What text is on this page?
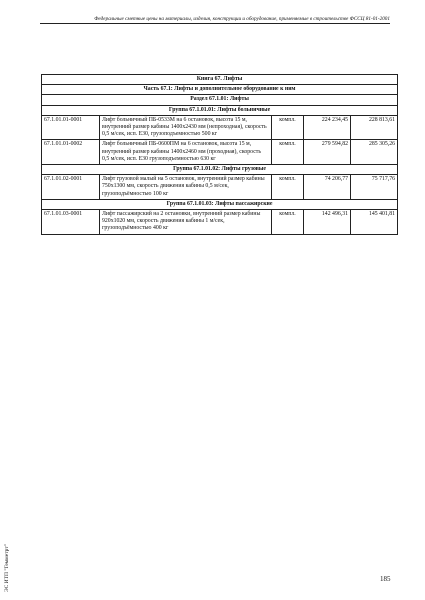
Федеральные сметные цены на материалы, изделия, конструкции и оборудование, применяемые в строительстве ФССЦ 81-01-2001
Книга 67. Лифты				
Часть 67.1: Лифты и дополнительное оборудование к ним				
Раздел 67.1.01: Лифты				
Группа 67.1.01.01: Лифты больничные				
67.1.01.01-0001	Лифт больничный ПБ-0533М на 6 остановок, высота 15 м, внутренний размер кабины 1400х2430 мм (непроходная), скорость 0,5 м/сек, исп. Е30, грузоподъемностью 500 кг	компл.	224 234,45	228 813,61
67.1.01.01-0002	Лифт больничный ПБ-0600ПМ на 6 остановок, высота 15 м, внутренний размер кабины 1400х2460 мм (проходная), скорость 0,5 м/сек, исп. Е30 грузоподъемностью 630 кг	компл.	279 594,82	285 305,26
Группа 67.1.01.02: Лифты грузовые				
67.1.01.02-0001	Лифт грузовой малый на 5 остановок, внутренний размер кабины 750х1300 мм, скорость движения кабины 0,5 м/сек, грузоподъёмностью 100 кг	компл.	74 206,77	75 717,76
Группа 67.1.01.03: Лифты пассажирские				
67.1.01.03-0001	Лифт пассажирский на 2 остановки, внутренний размер кабины 920х1020 мм, скорость движения кабины 1 м/сек, грузоподъёмностью 400 кг	компл.	142 496,31	145 401,81
ЭС ИТП "Гемметрт"	185
